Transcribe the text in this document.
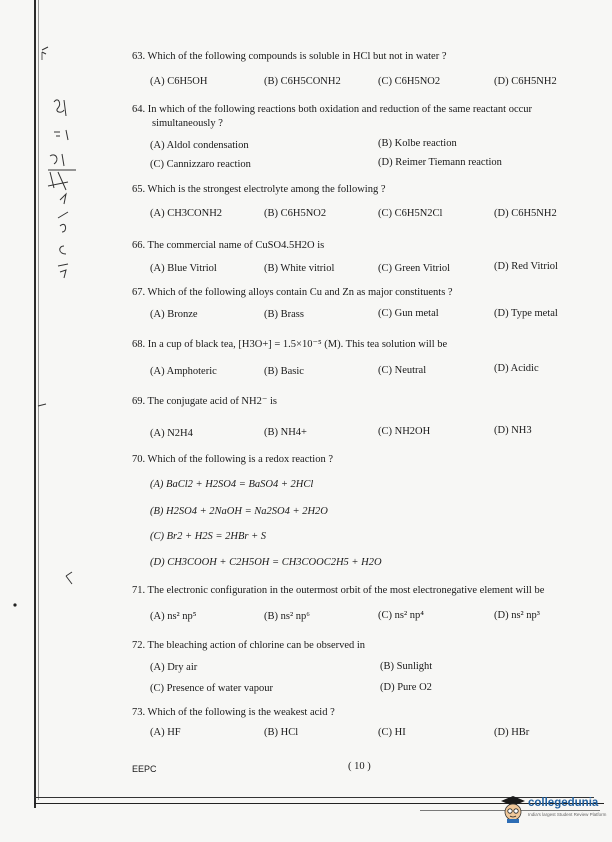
63. Which of the following compounds is soluble in HCl but not in water ?
(A) C6H5OH	(B) C6H5CONH2	(C) C6H5NO2	(D) C6H5NH2
64. In which of the following reactions both oxidation and reduction of the same reactant occur
simultaneously ?
(A) Aldol condensation	(B) Kolbe reaction
(C) Cannizzaro reaction	(D) Reimer Tiemann reaction
65. Which is the strongest electrolyte among the following ?
(A) CH3CONH2	(B) C6H5NO2	(C) C6H5N2Cl	(D) C6H5NH2
66. The commercial name of CuSO4.5H2O is
(A) Blue Vitriol	(B) White vitriol	(C) Green Vitriol	(D) Red Vitriol
67. Which of the following alloys contain Cu and Zn as major constituents ?
(A) Bronze	(B) Brass	(C) Gun metal	(D) Type metal
68. In a cup of black tea, [H3O+] = 1.5×10⁻⁵ (M). This tea solution will be
(A) Amphoteric	(B) Basic	(C) Neutral	(D) Acidic
69. The conjugate acid of NH2⁻ is
(A) N2H4	(B) NH4+	(C) NH2OH	(D) NH3
70. Which of the following is a redox reaction ?
(A) BaCl2 + H2SO4 = BaSO4 + 2HCl
(B) H2SO4 + 2NaOH = Na2SO4 + 2H2O
(C) Br2 + H2S = 2HBr + S
(D) CH3COOH + C2H5OH = CH3COOC2H5 + H2O
71. The electronic configuration in the outermost orbit of the most electronegative element will be
(A) ns² np⁵	(B) ns² np⁶	(C) ns² np⁴	(D) ns² np³
72. The bleaching action of chlorine can be observed in
(A) Dry air	(B) Sunlight
(C) Presence of water vapour	(D) Pure O2
73. Which of the following is the weakest acid ?
(A) HF	(B) HCl	(C) HI	(D) HBr
EEPC	( 10 )
collegedunia
India's largest Student Review Platform
